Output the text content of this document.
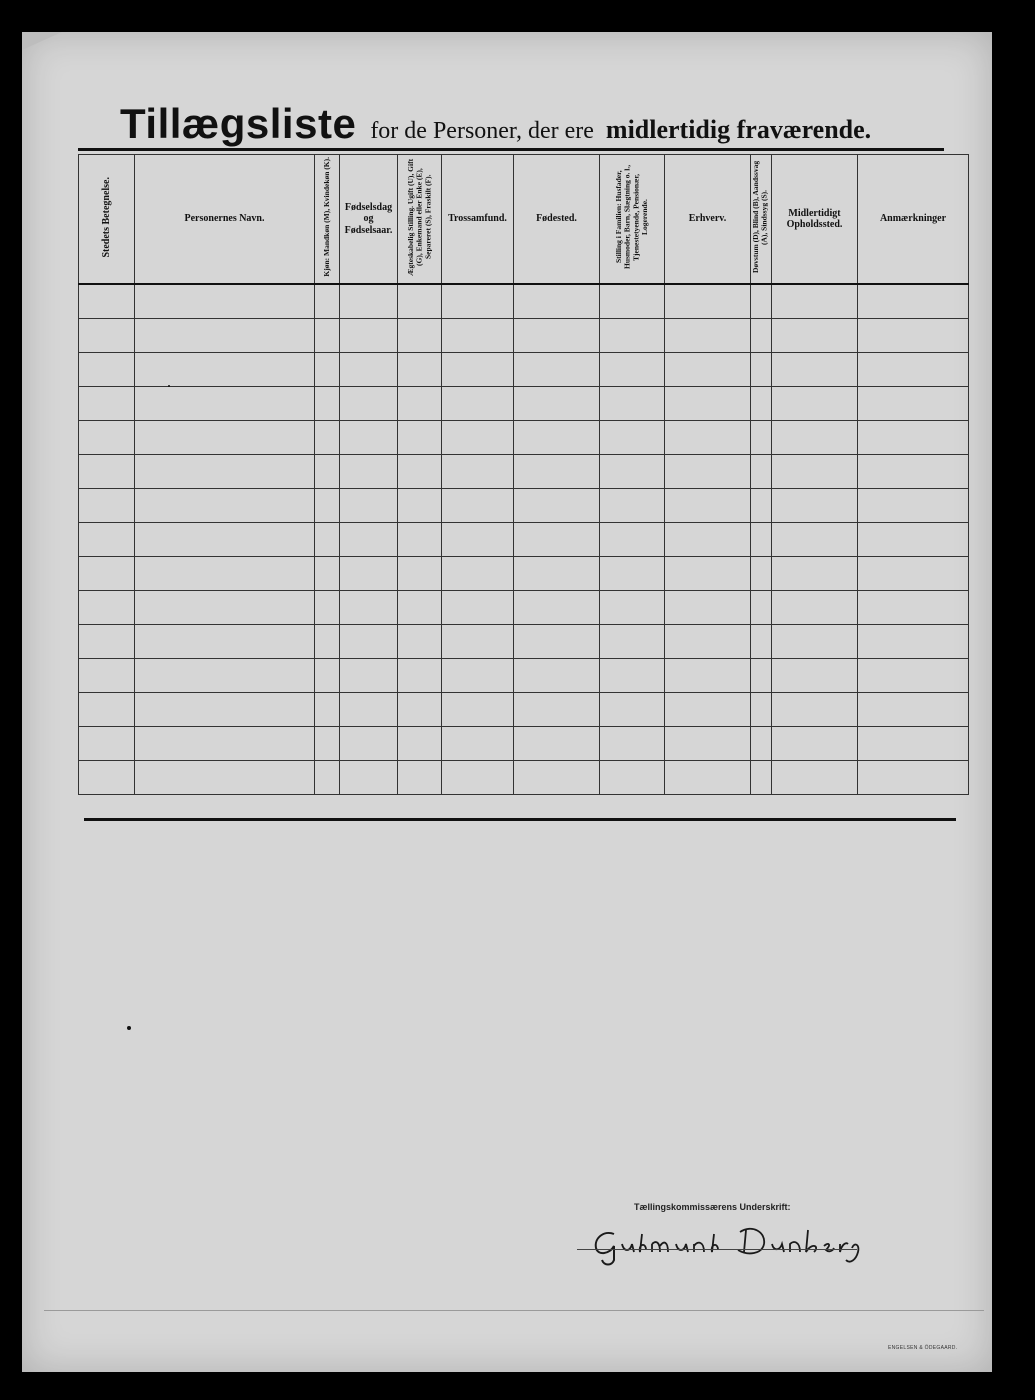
Tillægsliste for de Personer, der ere midlertidig fraværende.
Stedets Betegnelse.	Personernes Navn.	Kjøn: Mandkøn (M), Kvindekøn (K).	Fødselsdag og Fødselsaar.	Ægteskabelig Stilling. Ugift (U), Gift (G), Enkemand eller Enke (E), Separeret (S), Fraskilt (F).	Trossamfund.	Fødested.	Stilling i Familien: Husfader, Husmoder, Barn, Slægtning o. l., Tjenestetyende, Pensionær, Logerende.	Erhverv.	Døvstum (D), Blind (B), Aandssvag (A), Sindssyg (S).	Midlertidigt Opholdssted.	Anmærkninger

Tællingskommissærens Underskrift:
ENGELSEN & ÖDEGAARD.
